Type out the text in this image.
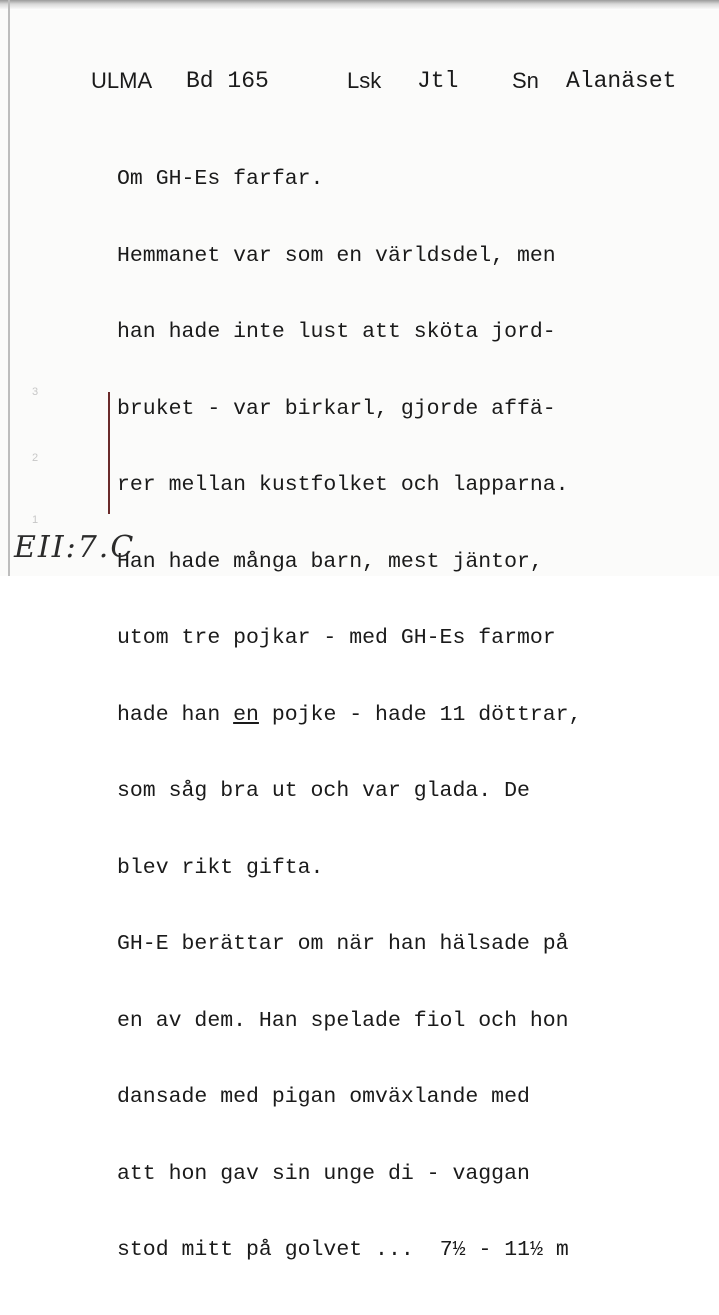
ULMA Bd 165	Lsk Jtl Sn Alanäset

Om GH-Es farfar.

Hemmanet var som en världsdel, men

han hade inte lust att sköta jord-

bruket - var birkarl, gjorde affä-

rer mellan kustfolket och lapparna.

Han hade många barn, mest jäntor,

utom tre pojkar - med GH-Es farmor

hade han en pojke - hade 11 döttrar,

som såg bra ut och var glada. De

blev rikt gifta.

GH-E berättar om när han hälsade på

en av dem. Han spelade fiol och hon

dansade med pigan omväxlande med

att hon gav sin unge di - vaggan

stod mitt på golvet ... 7½ - 11½ m

3
2
1
EII:7.C
